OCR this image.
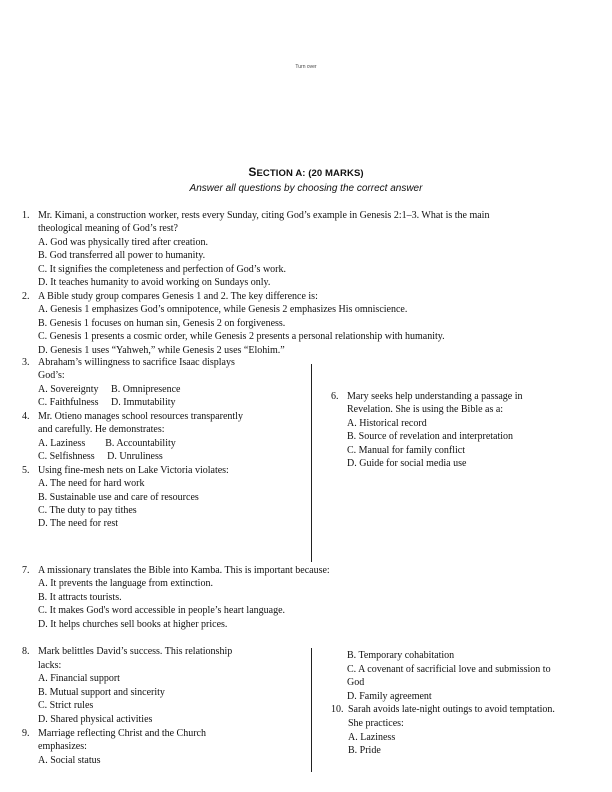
Turn over
SECTION A: (20 MARKS)
Answer all questions by choosing the correct answer
1. Mr. Kimani, a construction worker, rests every Sunday, citing God’s example in Genesis 2:1–3. What is the main
theological meaning of God’s rest?
A. God was physically tired after creation.
B. God transferred all power to humanity.
C. It signifies the completeness and perfection of God’s work.
D. It teaches humanity to avoid working on Sundays only.
2. A Bible study group compares Genesis 1 and 2. The key difference is:
A. Genesis 1 emphasizes God’s omnipotence, while Genesis 2 emphasizes His omniscience.
B. Genesis 1 focuses on human sin, Genesis 2 on forgiveness.
C. Genesis 1 presents a cosmic order, while Genesis 2 presents a personal relationship with humanity.
D. Genesis 1 uses “Yahweh,” while Genesis 2 uses “Elohim.”
3. Abraham’s willingness to sacrifice Isaac displays
God’s:
A. Sovereignty     B. Omnipresence
C. Faithfulness     D. Immutability
4. Mr. Otieno manages school resources transparently
and carefully. He demonstrates:
A. Laziness        B. Accountability
C. Selfishness     D. Unruliness
5. Using fine-mesh nets on Lake Victoria violates:
A. The need for hard work
B. Sustainable use and care of resources
C. The duty to pay tithes
D. The need for rest
6. Mary seeks help understanding a passage in
Revelation. She is using the Bible as a:
A. Historical record
B. Source of revelation and interpretation
C. Manual for family conflict
D. Guide for social media use
7. A missionary translates the Bible into Kamba. This is important because:
A. It prevents the language from extinction.
B. It attracts tourists.
C. It makes God's word accessible in people’s heart language.
D. It helps churches sell books at higher prices.
8. Mark belittles David’s success. This relationship
lacks:
A. Financial support
B. Mutual support and sincerity
C. Strict rules
D. Shared physical activities
9. Marriage reflecting Christ and the Church
emphasizes:
A. Social status
B. Temporary cohabitation
C. A covenant of sacrificial love and submission to
God
D. Family agreement
10. Sarah avoids late-night outings to avoid temptation.
She practices:
A. Laziness
B. Pride
